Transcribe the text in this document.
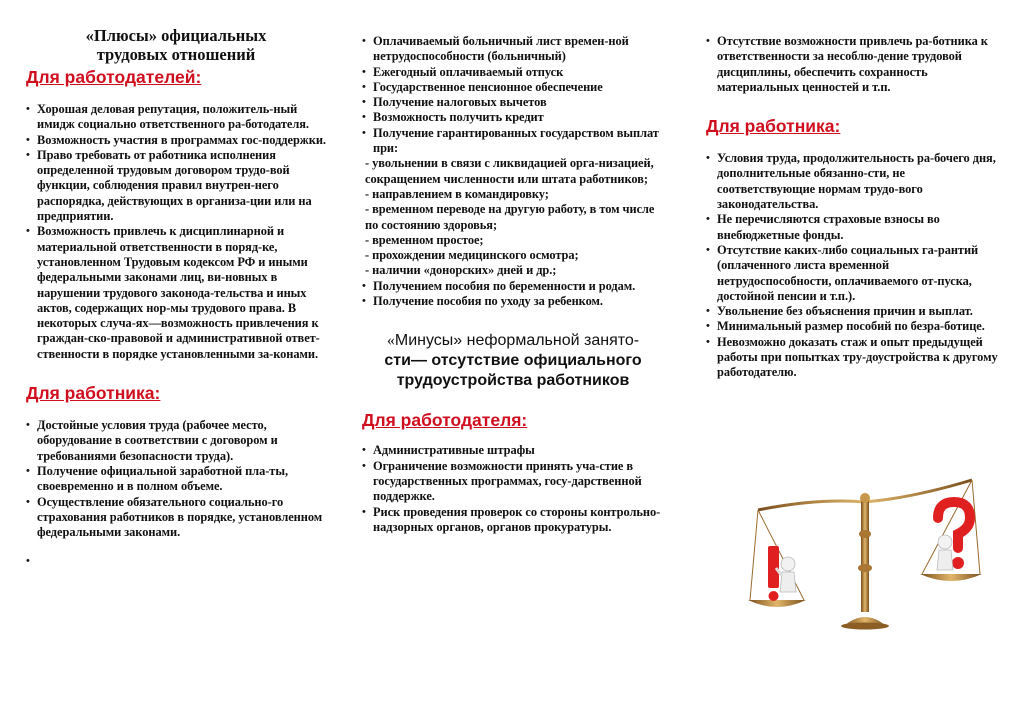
«Плюсы» официальных
трудовых отношений

Для работодателей:

• Хорошая деловая репутация, положитель-ный имидж социально ответственного ра-ботодателя.
• Возможность участия в программах гос-поддержки.
• Право требовать от работника исполнения определенной трудовым договором трудо-вой функции, соблюдения правил внутрен-него распорядка, действующих в организа-ции или на предприятии.
• Возможность привлечь к дисциплинарной и материальной ответственности в поряд-ке, установленном Трудовым кодексом РФ и иными федеральными законами лиц, ви-новных в нарушении трудового законода-тельства и иных актов, содержащих нор-мы трудового права. В некоторых случа-ях—возможность привлечения к граждан-ско-правовой и административной ответ-ственности в порядке установленными за-конами.

Для работника:

• Достойные условия труда (рабочее место, оборудование в соответствии с договором и требованиями безопасности труда).
• Получение официальной заработной пла-ты, своевременно и в полном объеме.
• Осуществление обязательного социально-го страхования работников в порядке, установленном федеральными законами.
•
• Оплачиваемый больничный лист времен-ной нетрудоспособности (больничный)
• Ежегодный оплачиваемый отпуск
• Государственное пенсионное обеспечение
• Получение налоговых вычетов
• Возможность получить кредит
• Получение гарантированных государством выплат при:
- увольнении в связи с ликвидацией орга-низацией, сокращением численности или штата работников;
- направлением в командировку;
- временном переводе на другую работу, в том числе по состоянию здоровья;
- временном простое;
- прохождении медицинского осмотра;
- наличии «донорских» дней и др.;
• Получением пособия по беременности и родам.
• Получение пособия по уходу за ребенком.

«Минусы» неформальной занято-
сти— отсутствие официального трудоустройства работников

Для работодателя:

• Административные штрафы
• Ограничение возможности принять уча-стие в государственных программах, госу-дарственной поддержке.
• Риск проведения проверок со стороны контрольно-надзорных органов, органов прокуратуры.
• Отсутствие возможности привлечь ра-ботника к ответственности за несоблю-дение трудовой дисциплины, обеспечить сохранность материальных ценностей и т.п.

Для работника:

• Условия труда, продолжительность ра-бочего дня, дополнительные обязанно-сти, не соответствующие нормам трудо-вого законодательства.
• Не перечисляются страховые взносы во внебюджетные фонды.
• Отсутствие каких-либо социальных га-рантий (оплаченного листа временной нетрудоспособности, оплачиваемого от-пуска, достойной пенсии и т.п.).
• Увольнение без объяснения причин и выплат.
• Минимальный размер пособий по безра-ботице.
• Невозможно доказать стаж и опыт предыдущей работы при попытках тру-доустройства к другому работодателю.
